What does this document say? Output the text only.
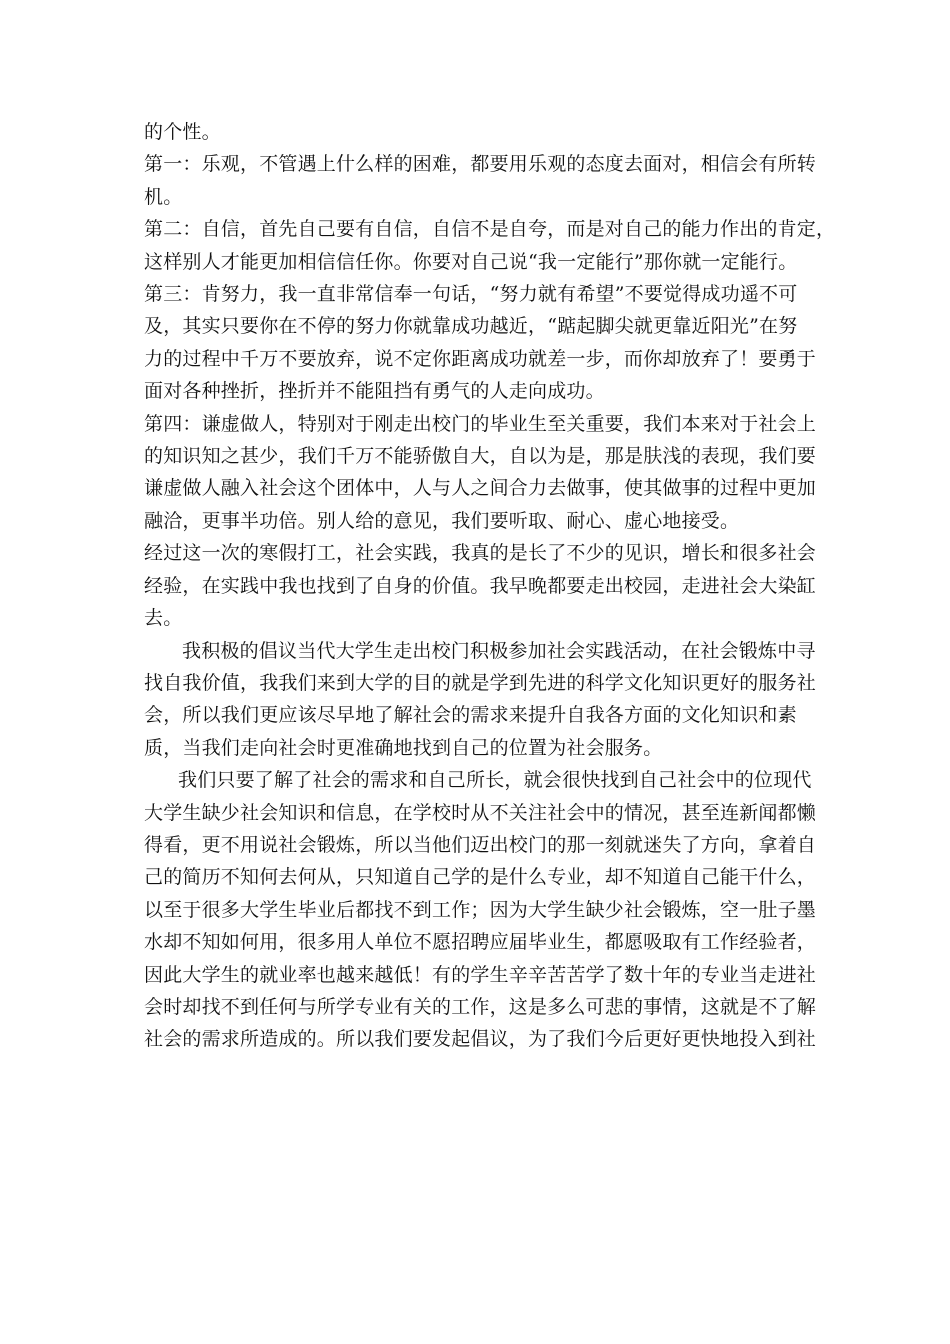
的个性。
第一：乐观，不管遇上什么样的困难，都要用乐观的态度去面对，相信会有所转
机。
第二：自信，首先自己要有自信，自信不是自夸，而是对自己的能力作出的肯定，
这样别人才能更加相信信任你。你要对自己说“我一定能行”那你就一定能行。
第三：肯努力，我一直非常信奉一句话，“努力就有希望”不要觉得成功遥不可
及，其实只要你在不停的努力你就靠成功越近，“踮起脚尖就更靠近阳光”在努
力的过程中千万不要放弃，说不定你距离成功就差一步，而你却放弃了！要勇于
面对各种挫折，挫折并不能阻挡有勇气的人走向成功。
第四：谦虚做人，特别对于刚走出校门的毕业生至关重要，我们本来对于社会上
的知识知之甚少，我们千万不能骄傲自大，自以为是，那是肤浅的表现，我们要
谦虚做人融入社会这个团体中，人与人之间合力去做事，使其做事的过程中更加
融洽，更事半功倍。别人给的意见，我们要听取、耐心、虚心地接受。
经过这一次的寒假打工，社会实践，我真的是长了不少的见识，增长和很多社会
经验，在实践中我也找到了自身的价值。我早晚都要走出校园，走进社会大染缸
去。
我积极的倡议当代大学生走出校门积极参加社会实践活动，在社会锻炼中寻
找自我价值，我我们来到大学的目的就是学到先进的科学文化知识更好的服务社
会，所以我们更应该尽早地了解社会的需求来提升自我各方面的文化知识和素
质，当我们走向社会时更准确地找到自己的位置为社会服务。
我们只要了解了社会的需求和自己所长，就会很快找到自己社会中的位现代
大学生缺少社会知识和信息，在学校时从不关注社会中的情况，甚至连新闻都懒
得看，更不用说社会锻炼，所以当他们迈出校门的那一刻就迷失了方向，拿着自
己的简历不知何去何从，只知道自己学的是什么专业，却不知道自己能干什么，
以至于很多大学生毕业后都找不到工作；因为大学生缺少社会锻炼，空一肚子墨
水却不知如何用，很多用人单位不愿招聘应届毕业生，都愿吸取有工作经验者，
因此大学生的就业率也越来越低！有的学生辛辛苦苦学了数十年的专业当走进社
会时却找不到任何与所学专业有关的工作，这是多么可悲的事情，这就是不了解
社会的需求所造成的。所以我们要发起倡议，为了我们今后更好更快地投入到社
